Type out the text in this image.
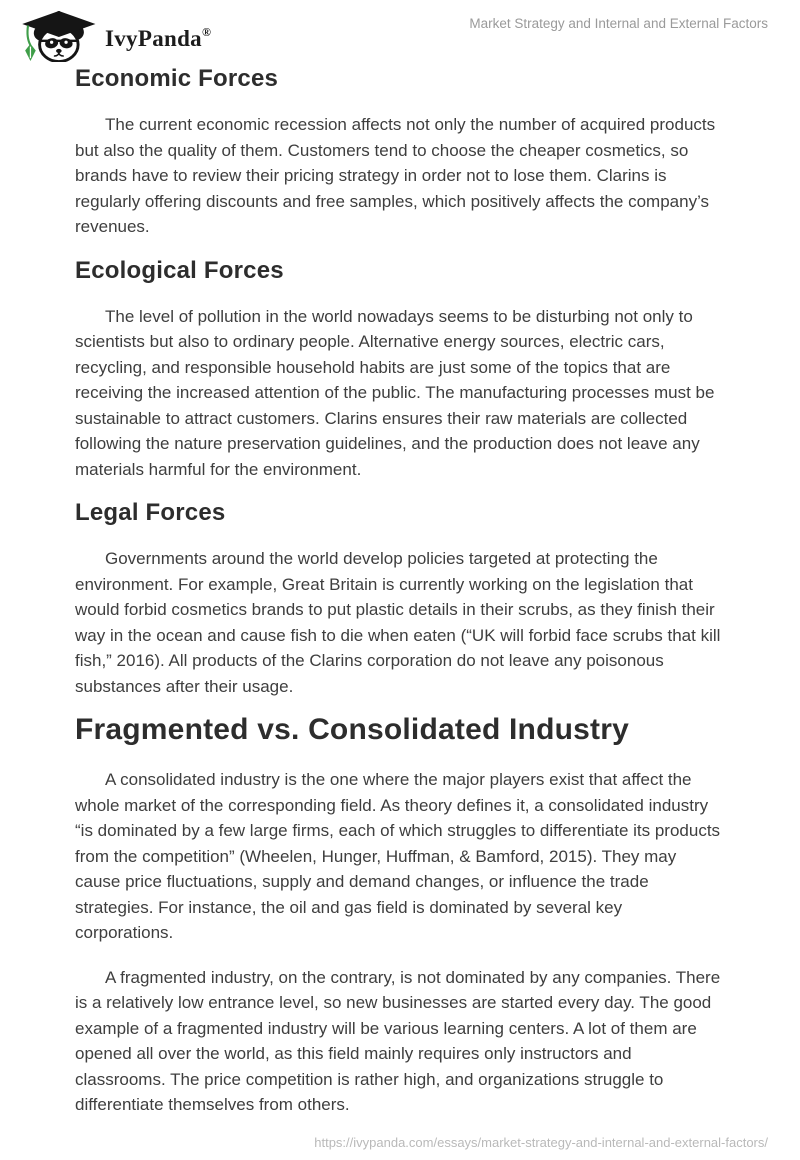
IvyPanda®
Market Strategy and Internal and External Factors
Economic Forces

The current economic recession affects not only the number of acquired products but also the quality of them. Customers tend to choose the cheaper cosmetics, so brands have to review their pricing strategy in order not to lose them. Clarins is regularly offering discounts and free samples, which positively affects the company’s revenues.

Ecological Forces

The level of pollution in the world nowadays seems to be disturbing not only to scientists but also to ordinary people. Alternative energy sources, electric cars, recycling, and responsible household habits are just some of the topics that are receiving the increased attention of the public. The manufacturing processes must be sustainable to attract customers. Clarins ensures their raw materials are collected following the nature preservation guidelines, and the production does not leave any materials harmful for the environment.

Legal Forces

Governments around the world develop policies targeted at protecting the environment. For example, Great Britain is currently working on the legislation that would forbid cosmetics brands to put plastic details in their scrubs, as they finish their way in the ocean and cause fish to die when eaten (“UK will forbid face scrubs that kill fish,” 2016). All products of the Clarins corporation do not leave any poisonous substances after their usage.

Fragmented vs. Consolidated Industry

A consolidated industry is the one where the major players exist that affect the whole market of the corresponding field. As theory defines it, a consolidated industry “is dominated by a few large firms, each of which struggles to differentiate its products from the competition” (Wheelen, Hunger, Huffman, & Bamford, 2015). They may cause price fluctuations, supply and demand changes, or influence the trade strategies. For instance, the oil and gas field is dominated by several key corporations.

A fragmented industry, on the contrary, is not dominated by any companies. There is a relatively low entrance level, so new businesses are started every day. The good example of a fragmented industry will be various learning centers. A lot of them are opened all over the world, as this field mainly requires only instructors and classrooms. The price competition is rather high, and organizations struggle to differentiate themselves from others.

https://ivypanda.com/essays/market-strategy-and-internal-and-external-factors/
